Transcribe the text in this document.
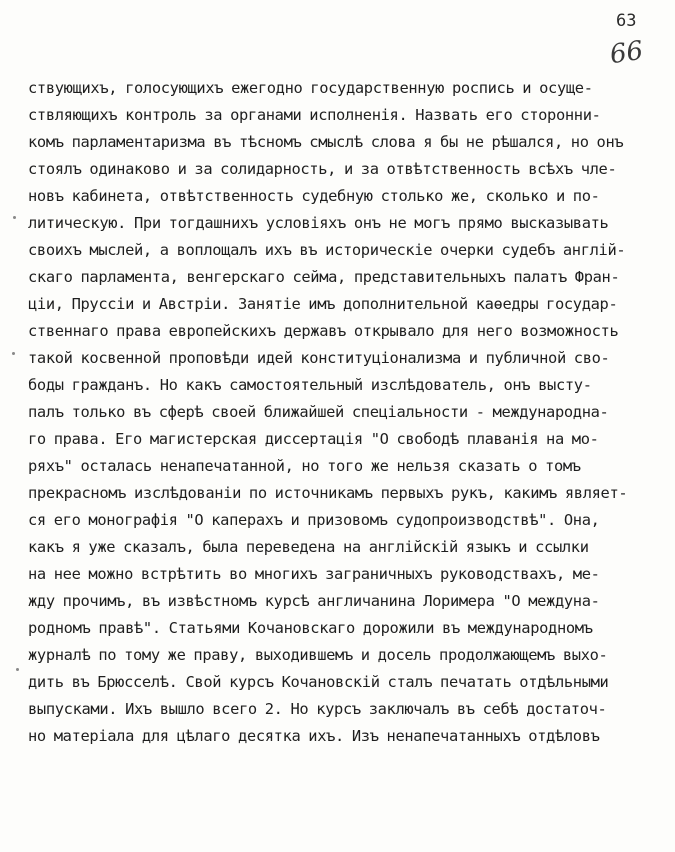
63
66
ствующихъ, голосующихъ ежегодно государственную роспись и осуще-
ствляющихъ контроль за органами исполненія. Назвать его сторонни-
комъ парламентаризма въ тѣсномъ смыслѣ слова я бы не рѣшался, но онъ
стоялъ одинаково и за солидарность, и за отвѣтственность всѣхъ чле-
новъ кабинета, отвѣтственность судебную столько же, сколько и по-
литическую. При тогдашнихъ условіяхъ онъ не могъ прямо высказывать
своихъ мыслей, а воплощалъ ихъ въ историческіе очерки судебъ англій-
скаго парламента, венгерскаго сейма, представительныхъ палатъ Фран-
ціи, Пруссіи и Австріи. Занятіе имъ дополнительной каѳедры государ-
ственнаго права европейскихъ державъ открывало для него возможность
такой косвенной проповѣди идей конституціонализма и публичной сво-
боды гражданъ. Но какъ самостоятельный изслѣдователь, онъ высту-
палъ только въ сферѣ своей ближайшей спеціальности - международна-
го права. Его магистерская диссертація "О свободѣ плаванія на мо-
ряхъ" осталась ненапечатанной, но того же нельзя сказать о томъ
прекрасномъ изслѣдованіи по источникамъ первыхъ рукъ, какимъ являет-
ся его монографія "О каперахъ и призовомъ судопроизводствѣ". Она,
какъ я уже сказалъ, была переведена на англійскій языкъ и ссылки
на нее можно встрѣтить во многихъ заграничныхъ руководствахъ, ме-
жду прочимъ, въ извѣстномъ курсѣ англичанина Лоримера "О междуна-
родномъ правѣ". Статьями Кочановскаго дорожили въ международномъ
журналѣ по тому же праву, выходившемъ и досель продолжающемъ выхо-
дить въ Брюсселѣ. Свой курсъ Кочановскій сталъ печатать отдѣльными
выпусками. Ихъ вышло всего 2. Но курсъ заключалъ въ себѣ достаточ-
но матеріала для цѣлаго десятка ихъ. Изъ ненапечатанныхъ отдѣловъ
